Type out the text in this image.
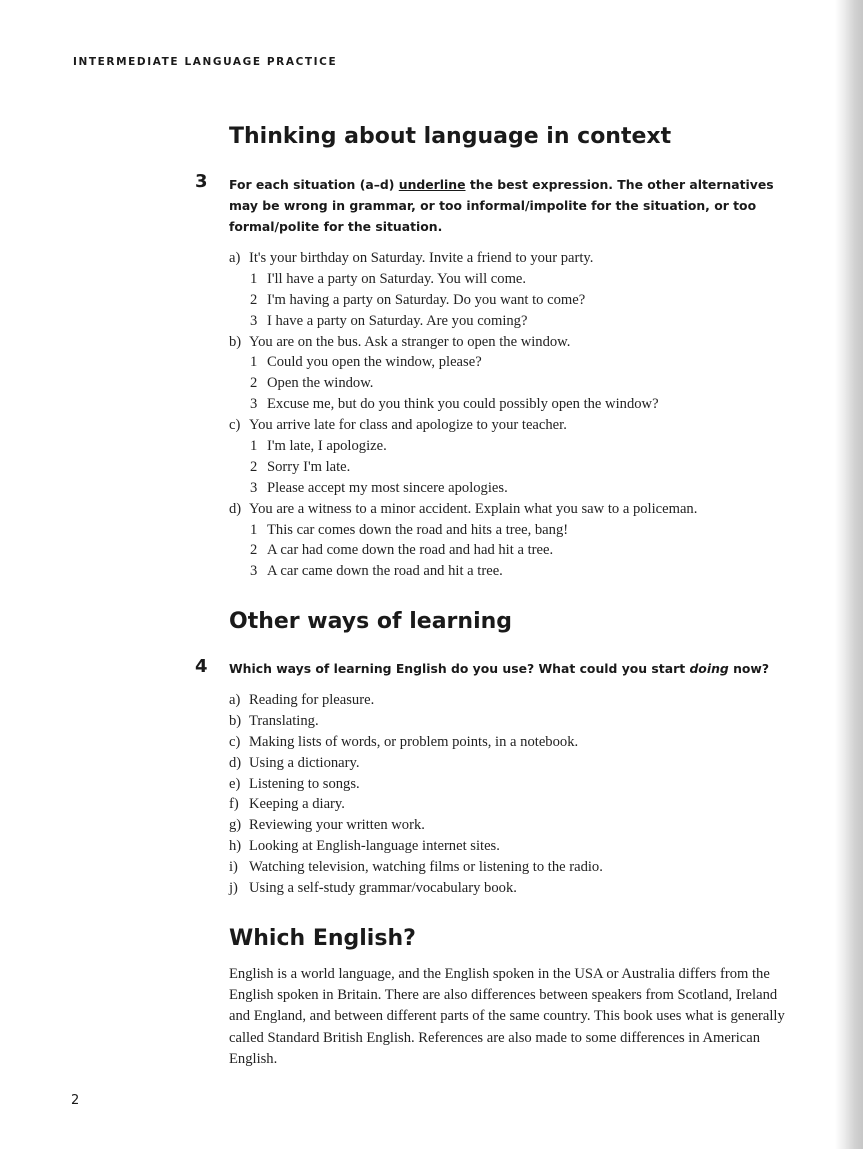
INTERMEDIATE LANGUAGE PRACTICE
Thinking about language in context
3 For each situation (a–d) underline the best expression. The other alternatives may be wrong in grammar, or too informal/impolite for the situation, or too formal/polite for the situation.
a) It's your birthday on Saturday. Invite a friend to your party.
1 I'll have a party on Saturday. You will come.
2 I'm having a party on Saturday. Do you want to come?
3 I have a party on Saturday. Are you coming?
b) You are on the bus. Ask a stranger to open the window.
1 Could you open the window, please?
2 Open the window.
3 Excuse me, but do you think you could possibly open the window?
c) You arrive late for class and apologize to your teacher.
1 I'm late, I apologize.
2 Sorry I'm late.
3 Please accept my most sincere apologies.
d) You are a witness to a minor accident. Explain what you saw to a policeman.
1 This car comes down the road and hits a tree, bang!
2 A car had come down the road and had hit a tree.
3 A car came down the road and hit a tree.
Other ways of learning
4 Which ways of learning English do you use? What could you start doing now?
a) Reading for pleasure.
b) Translating.
c) Making lists of words, or problem points, in a notebook.
d) Using a dictionary.
e) Listening to songs.
f) Keeping a diary.
g) Reviewing your written work.
h) Looking at English-language internet sites.
i) Watching television, watching films or listening to the radio.
j) Using a self-study grammar/vocabulary book.
Which English?

English is a world language, and the English spoken in the USA or Australia differs from the English spoken in Britain. There are also differences between speakers from Scotland, Ireland and England, and between different parts of the same country. This book uses what is generally called Standard British English. References are also made to some differences in American English.

2
